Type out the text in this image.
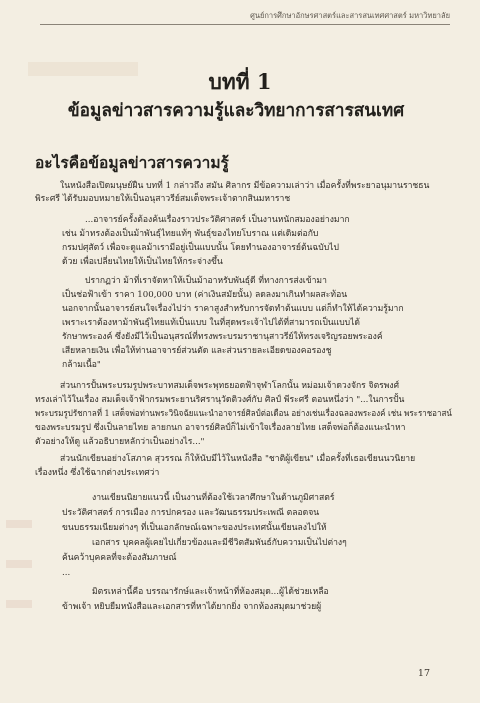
ศูนย์การศึกษาอักษรศาสตร์และสารสนเทศศาสตร์ มหาวิทยาลัย
บทที่ 1
ข้อมูลข่าวสารความรู้และวิทยาการสารสนเทศ
อะไรคือข้อมูลข่าวสารความรู้
ในหนังสือเปิดมนุษย์ฝืน บทที่ 1 กล่าวถึง สมัน ศิลากร มีข้อความเล่าว่า เมื่อครั้งที่พระยาอนุมานราชธน
พิระศรี ได้รับมอบหมายให้เป็นอนุสาวรีย์สมเด็จพระเจ้าตากสินมหาราช
...อาจารย์ครั้งต้องค้นเรื่องราวประวัติศาสตร์ เป็นงานหนักสมองอย่างมาก
เช่น ม้าทรงต้องเป็นม้าพันธุ์ไทยแท้ๆ พันธุ์ของไทยโบราณ แต่เดิมต่อกับ
กรมปศุสัตว์ เพื่อจะดูแลม้าเรามีอยู่เป็นแบบนั้น โดยทำนองอาจารย์ต้นฉบับไป
ด้วย เพื่อเปลี่ยนไทยให้เป็นไทยให้กระจ่างขึ้น
ปรากฏว่า ม้าที่เราจัดหาให้เป็นม้าอาหรับพันธุ์ดี ที่ทางการส่งเข้ามา
เป็นช่อฟ้าเข้า ราคา 100,000 บาท (ค่าเงินสมัยนั้น) ลดลงมาเกินทำผลสะท้อน
นอกจากนั้นอาจารย์สนใจเรื่องไปว่า ราคาสูงสำหรับการจัดทำต้นแบบ แต่ก็ทำให้ได้ความรู้มาก
เพราะเราต้องหาม้าพันธุ์ไทยแท้เป็นแบบ ในที่สุดพระเจ้าไปได้ที่สามารถเป็นแบบได้
รักษาพระองค์ ซึ่งยังมีไว้เป็นอนุสรณ์ที่ทรงพระบรมราชานุสาวรีย์ให้ทรงเจริญรอยพระองค์
เสียหลายเงิน เพื่อให้ท่านอาจารย์ส่วนตัด และส่วนรายละเอียดของคอรองชู
กล้ามเนื้อ"
ส่วนการปั้นพระบรมรูปพระบาทสมเด็จพระพุทธยอดฟ้าจุฬาโลกนั้น หม่อมเจ้าดวงจักร จิตรพงศ์
ทรงเล่าไว้ในเรื่อง สมเด็จเจ้าฟ้ากรมพระยานริศรานุวัดติวงศ์กับ ศิลป์ พีระศรี ตอนหนึ่งว่า "...ในการปั้น
พระบรมรูปรัชกาลที่ 1 เสด็จพ่อท่านพระวินิจฉัยแนะนำอาจารย์ศิลป์ต่อเดือน อย่างเช่นเรื่องฉลองพระองค์ เช่น พระราชอาสน์
ของพระบรมรูป ซึ่งเป็นลายไทย ลายกนก อาจารย์ศิลป์ก็ไม่เข้าใจเรื่องลายไทย เสด็จพ่อก็ต้องแนะนำหา
ตัวอย่างให้ดู แล้วอธิบายหลักว่าเป็นอย่างไร..."
ส่วนนักเขียนอย่างโสภาค สุวรรณ ก็ให้นับมีไว้ในหนังสือ "ชาติผู้เขียน" เมื่อครั้งที่เธอเขียนนวนิยาย
เรื่องหนึ่ง ซึ่งใช้ฉากต่างประเทศว่า
งานเขียนนิยายแนวนี้ เป็นงานที่ต้องใช้เวลาศึกษาในด้านภูมิศาสตร์
ประวัติศาสตร์ การเมือง การปกครอง และวัฒนธรรมประเพณี ตลอดจน
ขนบธรรมเนียมต่างๆ ที่เป็นเอกลักษณ์เฉพาะของประเทศนั้นเขียนลงไปให้
เอกสาร บุคคลผู้เคยไปเกี่ยวข้องและมีชีวิตสัมพันธ์กับความเป็นไปต่างๆ
ค้นคว้าบุคคลที่จะต้องสัมภาษณ์
...
มิตรเหล่านี้คือ บรรณารักษ์และเจ้าหน้าที่ห้องสมุด...ผู้ได้ช่วยเหลือ
ข้าพเจ้า หยิบยืมหนังสือและเอกสารที่หาได้ยากยิ่ง จากห้องสมุดมาช่วยผู้
17
